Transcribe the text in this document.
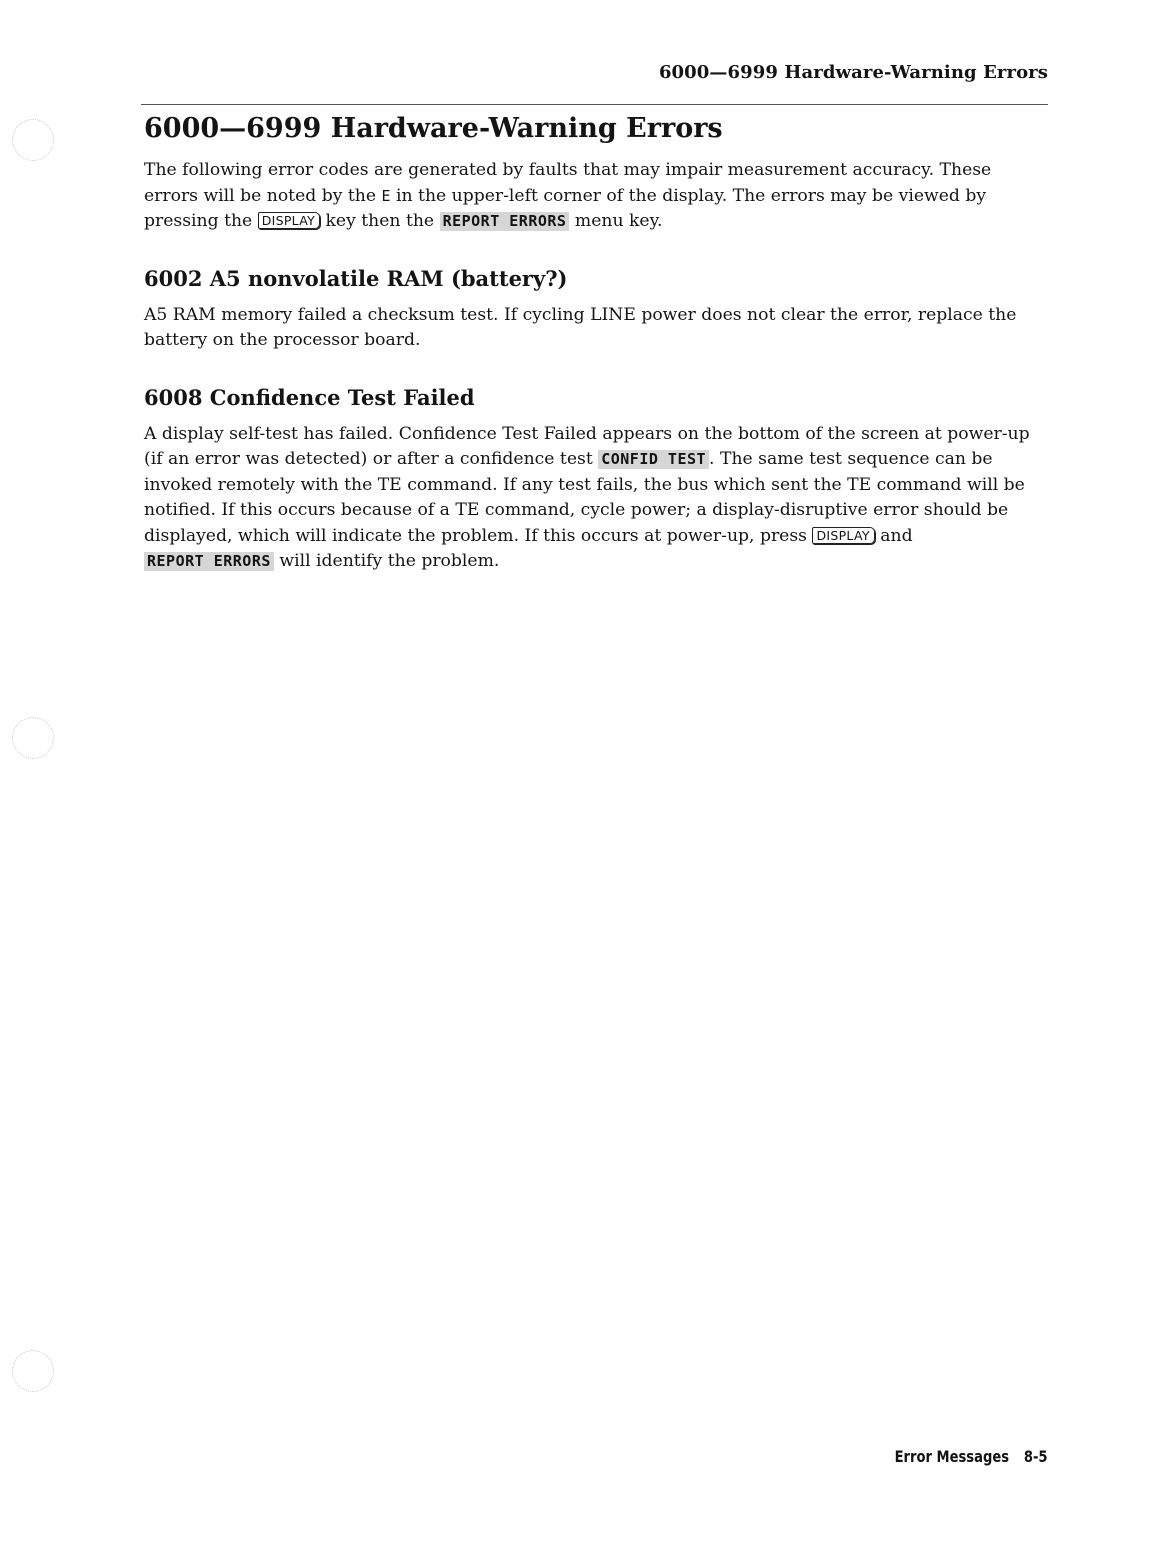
6000—6999 Hardware-Warning Errors
6000—6999 Hardware-Warning Errors

The following error codes are generated by faults that may impair measurement accuracy. These errors will be noted by the E in the upper-left corner of the display. The errors may be viewed by pressing the DISPLAY key then the REPORT ERRORS menu key.

6002 A5 nonvolatile RAM (battery?)

A5 RAM memory failed a checksum test. If cycling LINE power does not clear the error, replace the battery on the processor board.

6008 Confidence Test Failed

A display self-test has failed. Confidence Test Failed appears on the bottom of the screen at power-up (if an error was detected) or after a confidence test CONFID TEST . The same test sequence can be invoked remotely with the TE command. If any test fails, the bus which sent the TE command will be notified. If this occurs because of a TE command, cycle power; a display-disruptive error should be displayed, which will indicate the problem. If this occurs at power-up, press DISPLAY and REPORT ERRORS will identify the problem.

Error Messages 8-5
